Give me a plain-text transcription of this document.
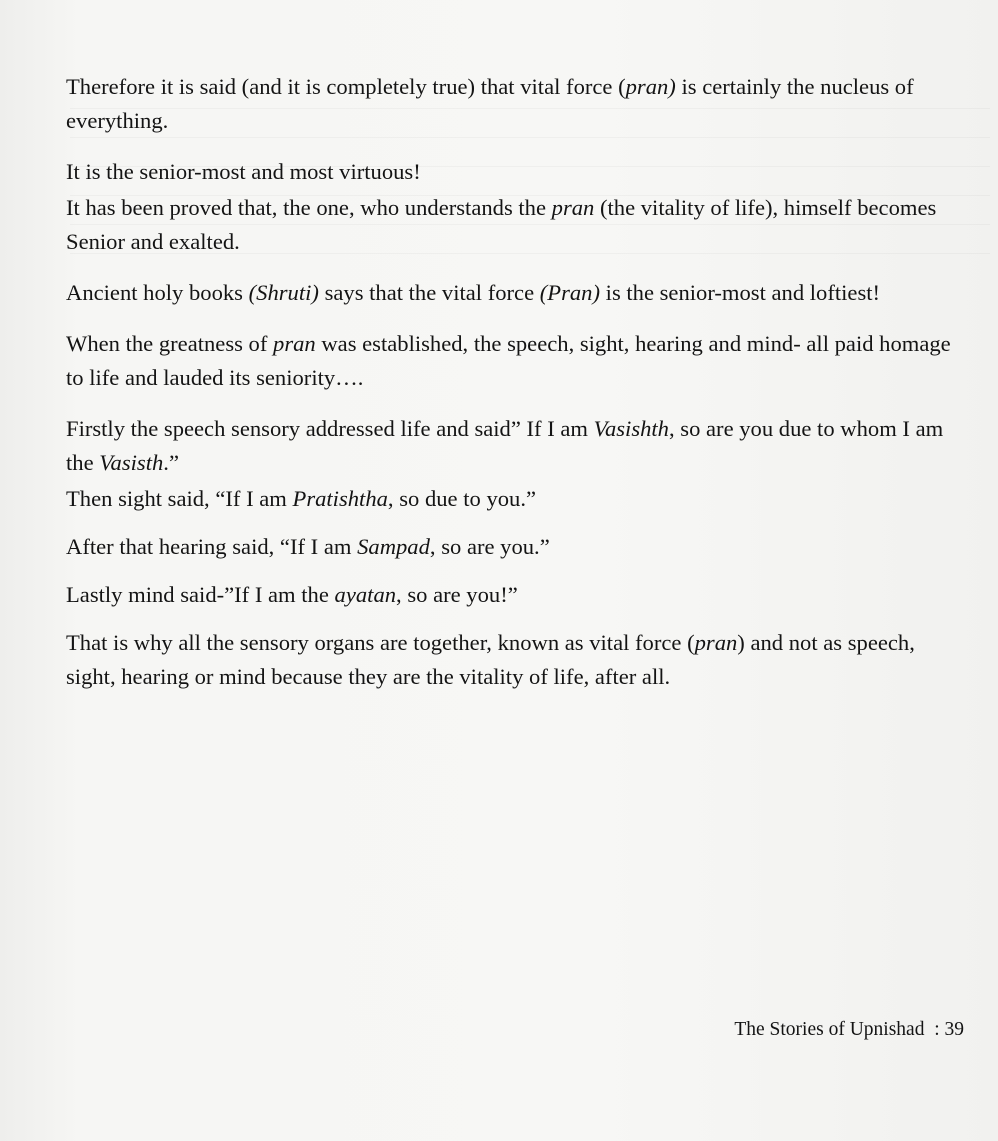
Therefore it is said (and it is completely true) that vital force (pran) is certainly the nucleus of everything.

It is the senior-most and most virtuous!

It has been proved that, the one, who understands the pran (the vitality of life), himself becomes Senior and exalted.

Ancient holy books (Shruti) says that the vital force (Pran) is the senior-most and loftiest!

When the greatness of pran was established, the speech, sight, hearing and mind- all paid homage to life and lauded its seniority….

Firstly the speech sensory addressed life and said” If I am Vasishth, so are you due to whom I am the Vasisth.”

Then sight said, “If I am Pratishtha, so due to you.”

After that hearing said, “If I am Sampad, so are you.”

Lastly mind said-”If I am the ayatan, so are you!”

That is why all the sensory organs are together, known as vital force (pran) and not as speech, sight, hearing or mind because they are the vitality of life, after all.

The Stories of Upnishad  : 39
